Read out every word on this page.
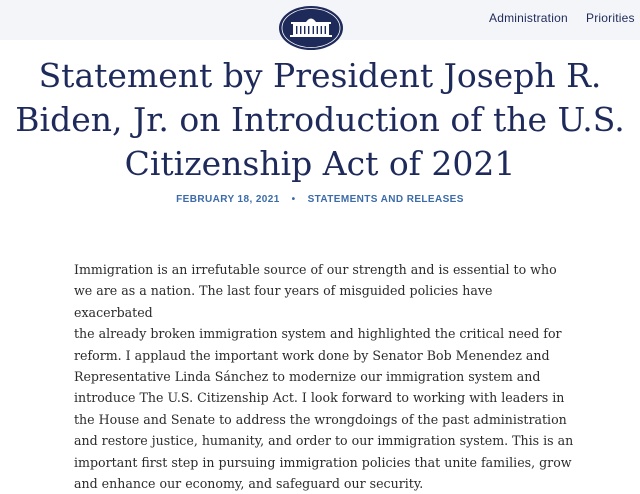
Administration Priorities
Statement by President Joseph R.
Biden, Jr. on Introduction of the U.S.
Citizenship Act of 2021
FEBRUARY 18, 2021 • STATEMENTS AND RELEASES

Immigration is an irrefutable source of our strength and is essential to who
we are as a nation. The last four years of misguided policies have exacerbated
the already broken immigration system and highlighted the critical need for
reform. I applaud the important work done by Senator Bob Menendez and
Representative Linda Sánchez to modernize our immigration system and
introduce The U.S. Citizenship Act. I look forward to working with leaders in
the House and Senate to address the wrongdoings of the past administration
and restore justice, humanity, and order to our immigration system. This is an
important first step in pursuing immigration policies that unite families, grow
and enhance our economy, and safeguard our security.
